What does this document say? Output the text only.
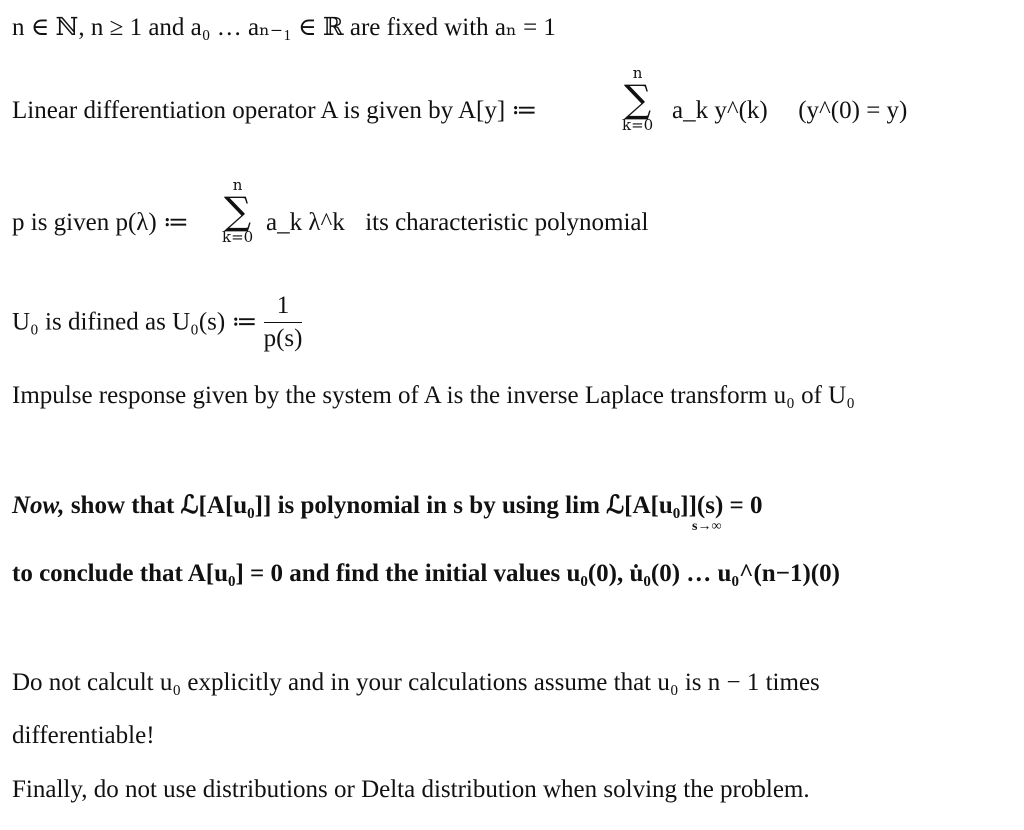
n ∈ ℕ, n ≥ 1 and a₀ … aₙ₋₁ ∈ ℝ are fixed with aₙ = 1
Linear differentiation operator A is given by A[y] ≔
n
∑
k=0
a_k y^(k) (y^(0) = y)
p is given p(λ) ≔
n
∑
k=0
a_k λ^k its characteristic polynomial
U₀ is difined as U₀(s) ≔ $\frac{1}{p(s)}$
Impulse response given by the system of A is the inverse Laplace transform u₀ of U₀
Now, show that ℒ[A[u₀]] is polynomial in s by using lim ℒ[A[u₀]](s) = 0
s→∞
to conclude that A[u₀] = 0 and find the initial values u₀(0), u̇₀(0) … u₀^(n−1)(0)
Do not calcult u₀ explicitly and in your calculations assume that u₀ is n − 1 times
differentiable!
Finally, do not use distributions or Delta distribution when solving the problem.
